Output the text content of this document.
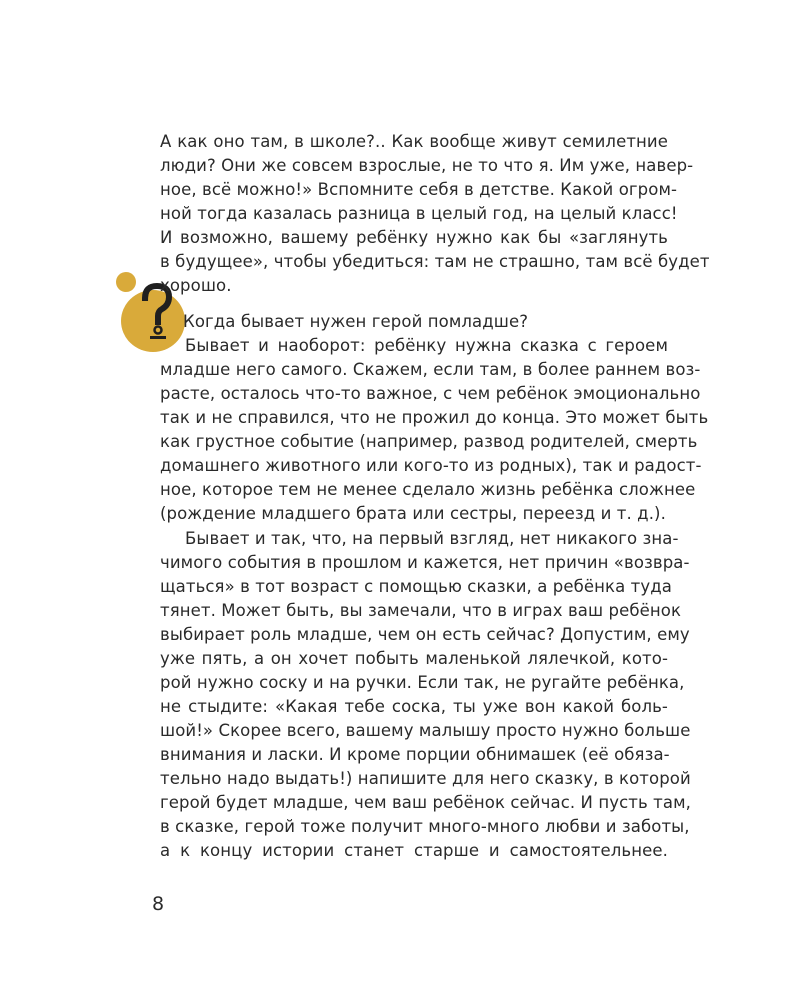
А как оно там, в школе?.. Как вообще живут семилетние
люди? Они же совсем взрослые, не то что я. Им уже, навер-
ное, всё можно!» Вспомните себя в детстве. Какой огром-
ной тогда казалась разница в целый год, на целый класс!
И возможно, вашему ребёнку нужно как бы «заглянуть
в будущее», чтобы убедиться: там не страшно, там всё будет
хорошо.
Когда бывает нужен герой помладше?
Бывает и наоборот: ребёнку нужна сказка с героем
младше него самого. Скажем, если там, в более раннем воз-
расте, осталось что-то важное, с чем ребёнок эмоционально
так и не справился, что не прожил до конца. Это может быть
как грустное событие (например, развод родителей, смерть
домашнего животного или кого-то из родных), так и радост-
ное, которое тем не менее сделало жизнь ребёнка сложнее
(рождение младшего брата или сестры, переезд и т. д.).
Бывает и так, что, на первый взгляд, нет никакого зна-
чимого события в прошлом и кажется, нет причин «возвра-
щаться» в тот возраст с помощью сказки, а ребёнка туда
тянет. Может быть, вы замечали, что в играх ваш ребёнок
выбирает роль младше, чем он есть сейчас? Допустим, ему
уже пять, а он хочет побыть маленькой лялечкой, кото-
рой нужно соску и на ручки. Если так, не ругайте ребёнка,
не стыдите: «Какая тебе соска, ты уже вон какой боль-
шой!» Скорее всего, вашему малышу просто нужно больше
внимания и ласки. И кроме порции обнимашек (её обяза-
тельно надо выдать!) напишите для него сказку, в которой
герой будет младше, чем ваш ребёнок сейчас. И пусть там,
в сказке, герой тоже получит много-много любви и заботы,
а к концу истории станет старше и самостоятельнее.
8
